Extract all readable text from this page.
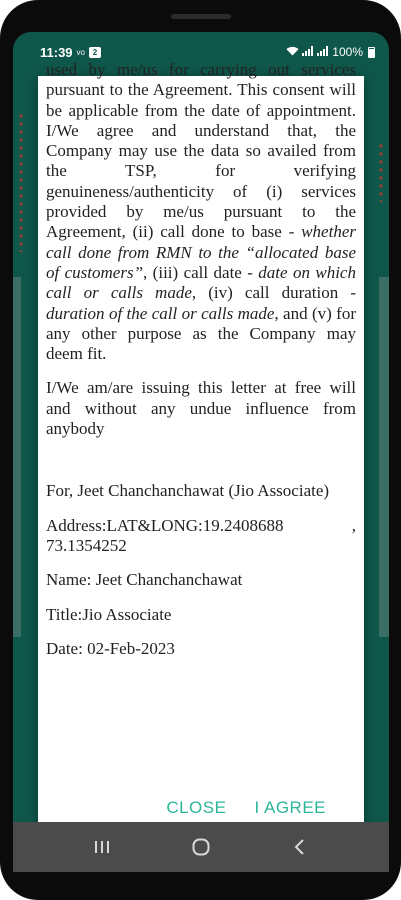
11:39 vo 2	100%

used by me/us for carrying out services pursuant to the Agreement. This consent will be applicable from the date of appointment. I/We agree and understand that, the Company may use the data so availed from the TSP, for verifying genuineness/authenticity of (i) services provided by me/us pursuant to the Agreement, (ii) call done to base - whether call done from RMN to the “allocated base of customers”, (iii) call date - date on which call or calls made, (iv) call duration - duration of the call or calls made, and (v) for any other purpose as the Company may deem fit.

I/We am/are issuing this letter at free will and without any undue influence from anybody

For, Jeet Chanchanchawat (Jio Associate)

Address:LAT&LONG:19.2408688 , 73.1354252

Name: Jeet Chanchanchawat

Title:Jio Associate

Date: 02-Feb-2023

CLOSE	I AGREE
